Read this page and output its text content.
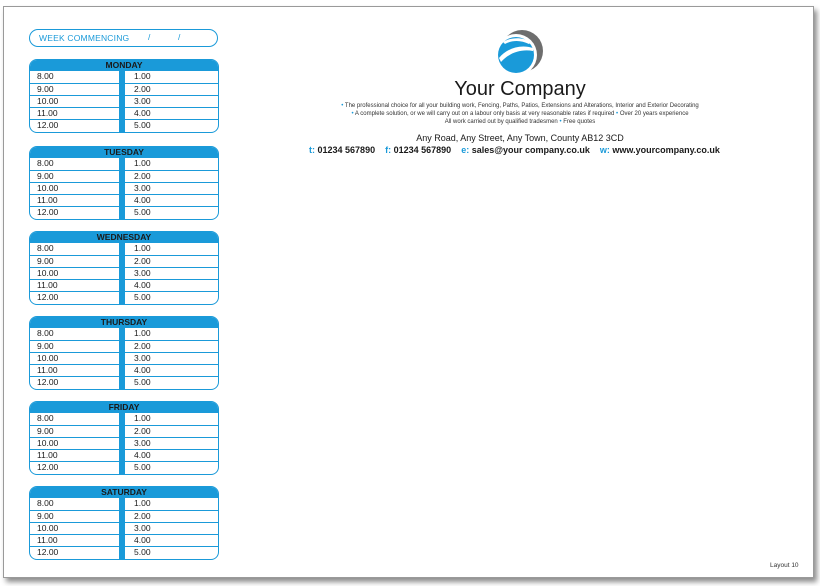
WEEK COMMENCING /	/
MONDAY
8.00	1.00
9.00	2.00
10.00	3.00
11.00	4.00
12.00	5.00
TUESDAY
8.00	1.00
9.00	2.00
10.00	3.00
11.00	4.00
12.00	5.00
WEDNESDAY
8.00	1.00
9.00	2.00
10.00	3.00
11.00	4.00
12.00	5.00
THURSDAY
8.00	1.00
9.00	2.00
10.00	3.00
11.00	4.00
12.00	5.00
FRIDAY
8.00	1.00
9.00	2.00
10.00	3.00
11.00	4.00
12.00	5.00
SATURDAY
8.00	1.00
9.00	2.00
10.00	3.00
11.00	4.00
12.00	5.00
Your Company
• The professional choice for all your building work, Fencing, Paths, Patios, Extensions and Alterations, Interior and Exterior Decorating
• A complete solution, or we will carry out on a labour only basis at very reasonable rates if required • Over 20 years experience
All work carried out by qualified tradesmen • Free quotes
Any Road, Any Street, Any Town, County AB12 3CD
t: 01234 567890 f: 01234 567890 e: sales@your company.co.uk w: www.yourcompany.co.uk
Layout 10
